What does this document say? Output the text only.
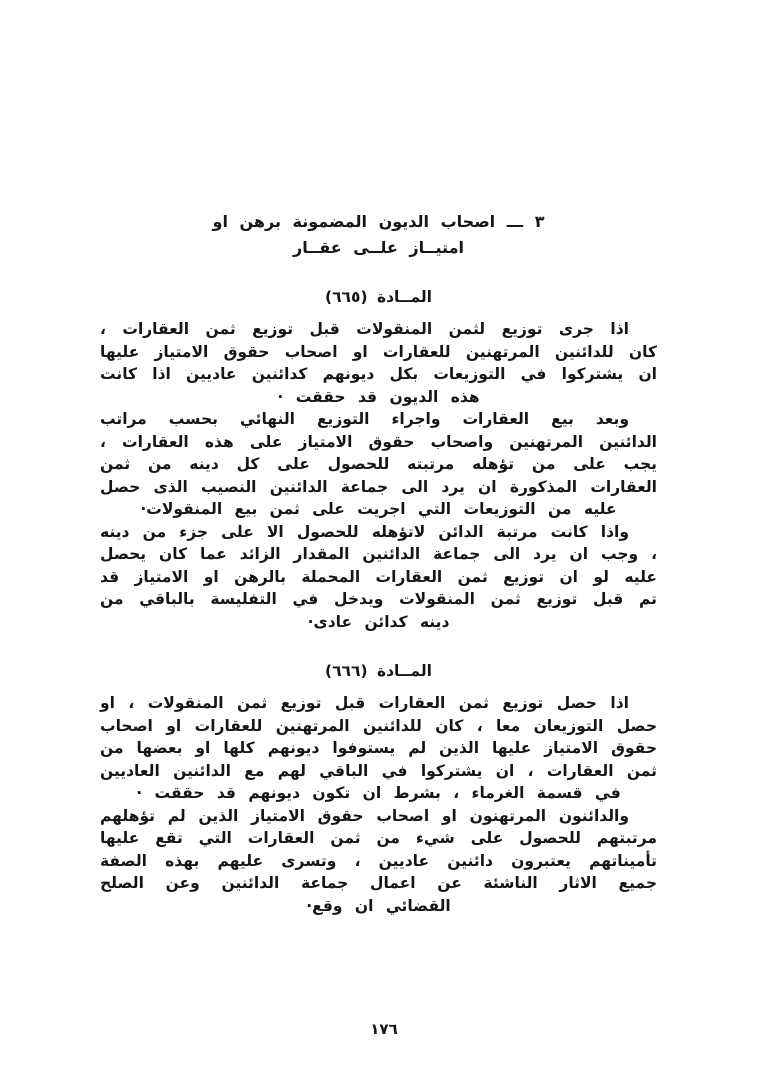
٣ ـــ اصحاب الديون المضمونة برهن او
امتيــاز علــى عقــار
المــادة (٦٦٥)

اذا جرى توزيع لثمن المنقولات قبل توزيع ثمن العقارات ، كان للدائنين المرتهنين للعقارات او اصحاب حقوق الامتياز عليها ان يشتركوا في التوزيعات بكل ديونهم كدائنين عاديين اذا كانت هذه الديون قد حققت ·

وبعد بيع العقارات واجراء التوزيع النهائي بحسب مراتب الدائنين المرتهنين واصحاب حقوق الامتياز على هذه العقارات ، يجب على من تؤهله مرتبته للحصول على كل دينه من ثمن العقارات المذكورة ان يرد الى جماعة الدائنين النصيب الذى حصل عليه من التوزيعات التي اجريت على ثمن بيع المنقولات·

واذا كانت مرتبة الدائن لاتؤهله للحصول الا على جزء من دينه ، وجب ان يرد الى جماعة الدائنين المقدار الزائد عما كان يحصل عليه لو ان توزيع ثمن العقارات المحملة بالرهن او الامتياز قد تم قبل توزيع ثمن المنقولات ويدخل في التفليسة بالباقي من دينه كدائن عادى·

المــادة (٦٦٦)

اذا حصل توزيع ثمن العقارات قبل توزيع ثمن المنقولات ، او حصل التوزيعان معا ، كان للدائنين المرتهنين للعقارات او اصحاب حقوق الامتياز عليها الذين لم يستوفوا ديونهم كلها او بعضها من ثمن العقارات ، ان يشتركوا في الباقي لهم مع الدائنين العاديين في قسمة الغرماء ، بشرط ان تكون ديونهم قد حققت ·

والدائنون المرتهنون او اصحاب حقوق الامتياز الذين لم تؤهلهم مرتبتهم للحصول على شيء من ثمن العقارات التي تقع عليها تأميناتهم يعتبرون دائنين عاديين ، وتسرى عليهم بهذه الصفة جميع الاثار الناشئة عن اعمال جماعة الدائنين وعن الصلح القضائي ان وقع·

١٧٦
